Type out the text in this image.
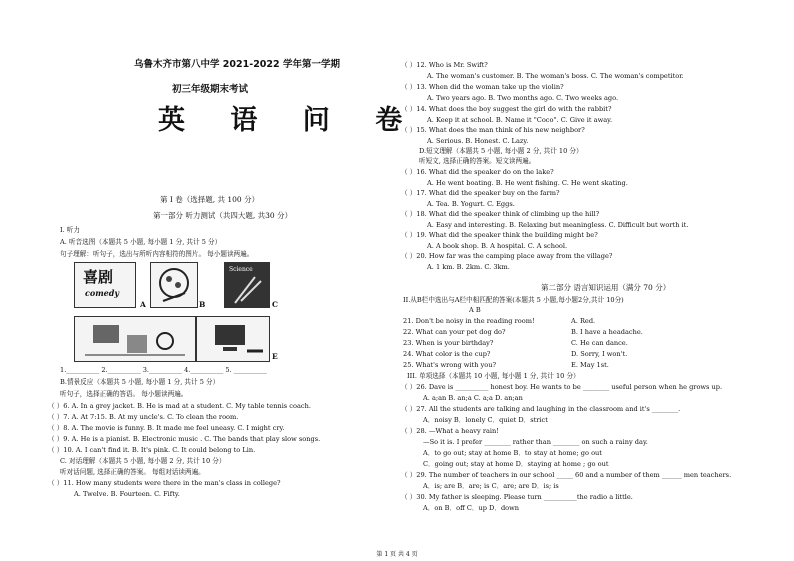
乌鲁木齐市第八中学 2021-2022 学年第一学期
初三年级期末考试
英 语 问 卷
第 I 卷（选择题, 共 100 分）
第一部分 听力测试（共四大题, 共30 分）
I. 听力
A. 听音选图（本题共 5 小题, 每小题 1 分, 共计 5 分）
句子理解：听句子，选出与所听内容相符的图片。 每小题读两遍。
喜剧
comedy
A	B
Science
C
E
1.__________ 2.__________ 3.__________ 4.__________ 5. __________
B.情景反应（本题共 5 小题, 每小题 1 分, 共计 5 分）
听句子，选择正确的答语。 每小题读两遍。
（ ）6. A. In a grey jacket. B. He is mad at a student. C. My table tennis coach.
（ ）7. A. At 7:15. B. At my uncle's. C. To clean the room.
（ ）8. A. The movie is funny. B. It made me feel uneasy. C. I might cry.
（ ）9. A. He is a pianist. B. Electronic music . C. The bands that play slow songs.
（ ）10. A. I can't find it. B. It's pink. C. It could belong to Lin.
C. 对话理解（本题共 5 小题, 每小题 2 分, 共计 10 分）
听对话问题, 选择正确的答案。 每组对话读两遍。
（ ）11. How many students were there in the man's class in college?
A. Twelve. B. Fourteen. C. Fifty.
（ ）12. Who is Mr. Swift?
A. The woman's customer. B. The woman's boss. C. The woman's competitor.
（ ）13. When did the woman take up the violin?
A. Two years ago. B. Two months ago. C. Two weeks ago.
（ ）14. What does the boy suggest the girl do with the rabbit?
A. Keep it at school. B. Name it "Coco". C. Give it away.
（ ）15. What does the man think of his new neighbor?
A. Serious. B. Honest. C. Lazy.
D.短文理解（本题共 5 小题, 每小题 2 分, 共计 10 分）
听短文, 选择正确的答案。短文读两遍。
（ ）16. What did the speaker do on the lake?
A. He went boating. B. He went fishing. C. He went skating.
（ ）17. What did the speaker buy on the farm?
A. Tea. B. Yogurt. C. Eggs.
（ ）18. What did the speaker think of climbing up the hill?
A. Easy and interesting. B. Relaxing but meaningless. C. Difficult but worth it.
（ ）19. What did the speaker think the building might be?
A. A book shop. B. A hospital. C. A school.
（ ）20. How far was the camping place away from the village?
A. 1 km. B. 2km. C. 3km.
第二部分 语言知识运用（满分 70 分）
II.从B栏中选出与A栏中相匹配的答案(本题共 5 小题,每小题2分,共计 10分)
A B
21. Don't be noisy in the reading room!	A. Red.
22. What can your pet dog do?	B. I have a headache.
23. When is your birthday?	C. He can dance.
24. What color is the cup?	D. Sorry, I won't.
25. What's wrong with you?	E. May 1st.
III. 单项选择（本题共 10 小题, 每小题 1 分, 共计 10 分）
（ ）26. Dave is __________ honest boy. He wants to be ________ useful person when he grows up.
A. a;an B. an;a C. a;a D. an;an
（ ）27. All the students are talking and laughing in the classroom and it's ________.
A．noisy B．lonely C．quiet D．strict
（ ）28. —What a heavy rain!
—So it is. I prefer ________ rather than ________ on such a rainy day.
A．to go out; stay at home B．to stay at home; go out
C．going out; stay at home D．staying at home ; go out
（ ）29. The number of teachers in our school _____ 60 and a number of them ______ men teachers.
A．is; are B．are; is C．are; are D．is; is
（ ）30. My father is sleeping. Please turn __________the radio a little.
A．on B．off C．up D．down
第 1 页 共 4 页
